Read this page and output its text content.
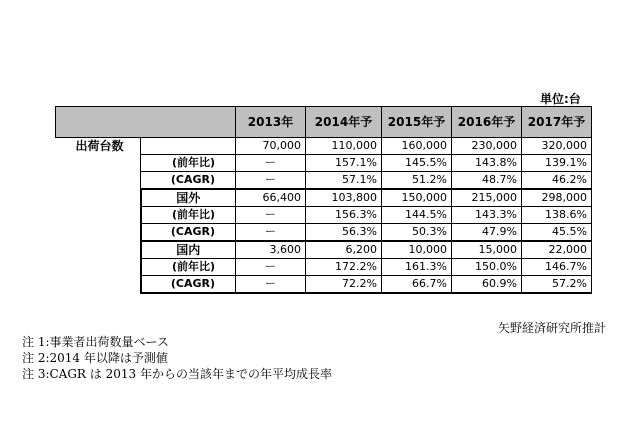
単位:台
		2013年	2014年予	2015年予	2016年予	2017年予
出荷台数		70,000	110,000	160,000	230,000	320,000
	(前年比)	ー	157.1%	145.5%	143.8%	139.1%
	(CAGR)	ー	57.1%	51.2%	48.7%	46.2%
	国外	66,400	103,800	150,000	215,000	298,000
	(前年比)	ー	156.3%	144.5%	143.3%	138.6%
	(CAGR)	ー	56.3%	50.3%	47.9%	45.5%
	国内	3,600	6,200	10,000	15,000	22,000
	(前年比)	ー	172.2%	161.3%	150.0%	146.7%
	(CAGR)	ー	72.2%	66.7%	60.9%	57.2%
矢野経済研究所推計
注 1:事業者出荷数量ベース
注 2:2014 年以降は予測値
注 3:CAGR は 2013 年からの当該年までの年平均成長率
